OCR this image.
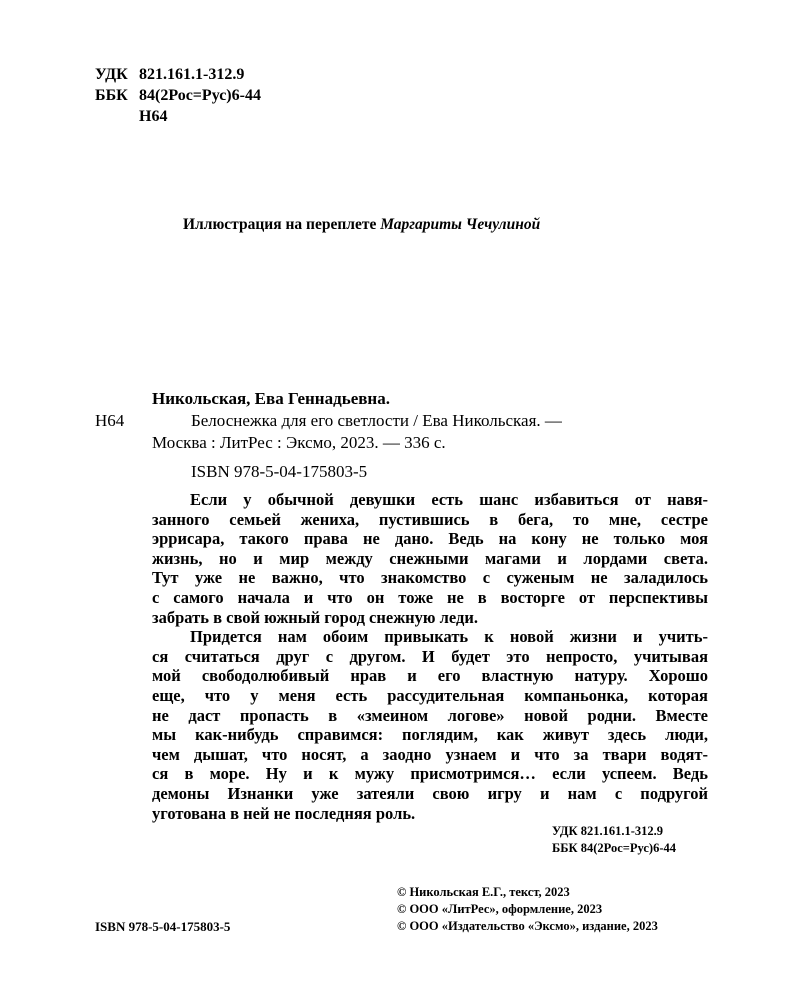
УДК 821.161.1-312.9
ББК 84(2Рос=Рус)6-44
Н64
Иллюстрация на переплете Маргариты Чечулиной
Никольская, Ева Геннадьевна.
Н64	Белоснежка для его светлости / Ева Никольская. —
Москва : ЛитРес : Эксмо, 2023. — 336 с.
ISBN 978-5-04-175803-5
Если у обычной девушки есть шанс избавиться от навя-
занного семьей жениха, пустившись в бега, то мне, сестре
эррисара, такого права не дано. Ведь на кону не только моя
жизнь, но и мир между снежными магами и лордами света.
Тут уже не важно, что знакомство с суженым не заладилось
с самого начала и что он тоже не в восторге от перспективы
забрать в свой южный город снежную леди.
Придется нам обоим привыкать к новой жизни и учить-
ся считаться друг с другом. И будет это непросто, учитывая
мой свободолюбивый нрав и его властную натуру. Хорошо
еще, что у меня есть рассудительная компаньонка, которая
не даст пропасть в «змеином логове» новой родни. Вместе
мы как-нибудь справимся: поглядим, как живут здесь люди,
чем дышат, что носят, а заодно узнаем и что за твари водят-
ся в море. Ну и к мужу присмотримся… если успеем. Ведь
демоны Изнанки уже затеяли свою игру и нам с подругой
уготована в ней не последняя роль.
УДК 821.161.1-312.9
ББК 84(2Рос=Рус)6-44
© Никольская Е.Г., текст, 2023
© ООО «ЛитРес», оформление, 2023
© ООО «Издательство «Эксмо», издание, 2023
ISBN 978-5-04-175803-5
